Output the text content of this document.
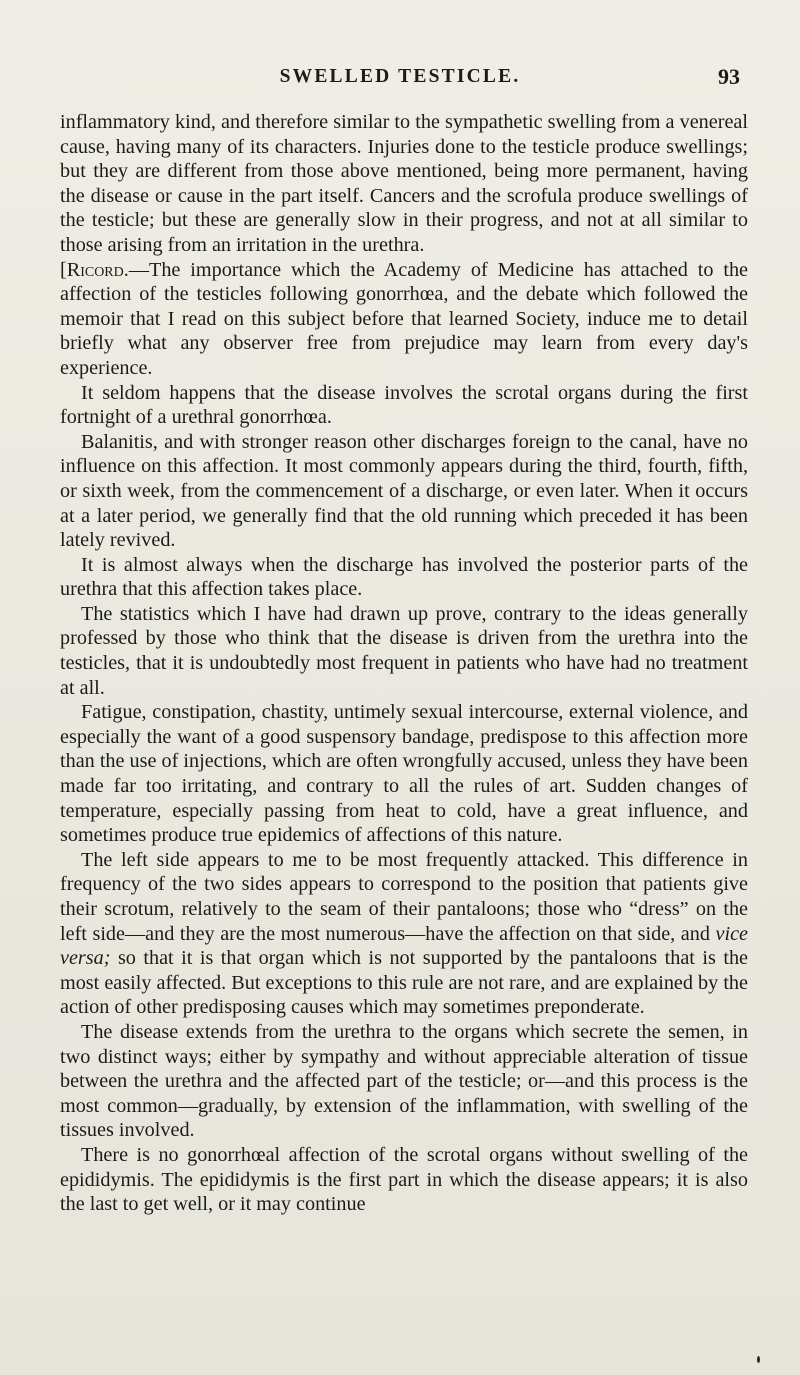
SWELLED TESTICLE.	93

inflammatory kind, and therefore similar to the sympathetic swelling from a venereal cause, having many of its characters. Injuries done to the testicle produce swellings; but they are different from those above mentioned, being more permanent, having the disease or cause in the part itself. Cancers and the scrofula produce swellings of the testicle; but these are generally slow in their progress, and not at all similar to those arising from an irritation in the urethra.

[Ricord.—The importance which the Academy of Medicine has attached to the affection of the testicles following gonorrhœa, and the debate which followed the memoir that I read on this subject before that learned Society, induce me to detail briefly what any observer free from prejudice may learn from every day's experience.

It seldom happens that the disease involves the scrotal organs during the first fortnight of a urethral gonorrhœa.

Balanitis, and with stronger reason other discharges foreign to the canal, have no influence on this affection. It most commonly appears during the third, fourth, fifth, or sixth week, from the commencement of a discharge, or even later. When it occurs at a later period, we generally find that the old running which preceded it has been lately revived.

It is almost always when the discharge has involved the posterior parts of the urethra that this affection takes place.

The statistics which I have had drawn up prove, contrary to the ideas generally professed by those who think that the disease is driven from the urethra into the testicles, that it is undoubtedly most frequent in patients who have had no treatment at all.

Fatigue, constipation, chastity, untimely sexual intercourse, external violence, and especially the want of a good suspensory bandage, predispose to this affection more than the use of injections, which are often wrongfully accused, unless they have been made far too irritating, and contrary to all the rules of art. Sudden changes of temperature, especially passing from heat to cold, have a great influence, and sometimes produce true epidemics of affections of this nature.

The left side appears to me to be most frequently attacked. This difference in frequency of the two sides appears to correspond to the position that patients give their scrotum, relatively to the seam of their pantaloons; those who “dress” on the left side—and they are the most numerous—have the affection on that side, and vice versa; so that it is that organ which is not supported by the pantaloons that is the most easily affected. But exceptions to this rule are not rare, and are explained by the action of other predisposing causes which may sometimes preponderate.

The disease extends from the urethra to the organs which secrete the semen, in two distinct ways; either by sympathy and without appreciable alteration of tissue between the urethra and the affected part of the testicle; or—and this process is the most common—gradually, by extension of the inflammation, with swelling of the tissues involved.

There is no gonorrhœal affection of the scrotal organs without swelling of the epididymis. The epididymis is the first part in which the disease appears; it is also the last to get well, or it may continue
